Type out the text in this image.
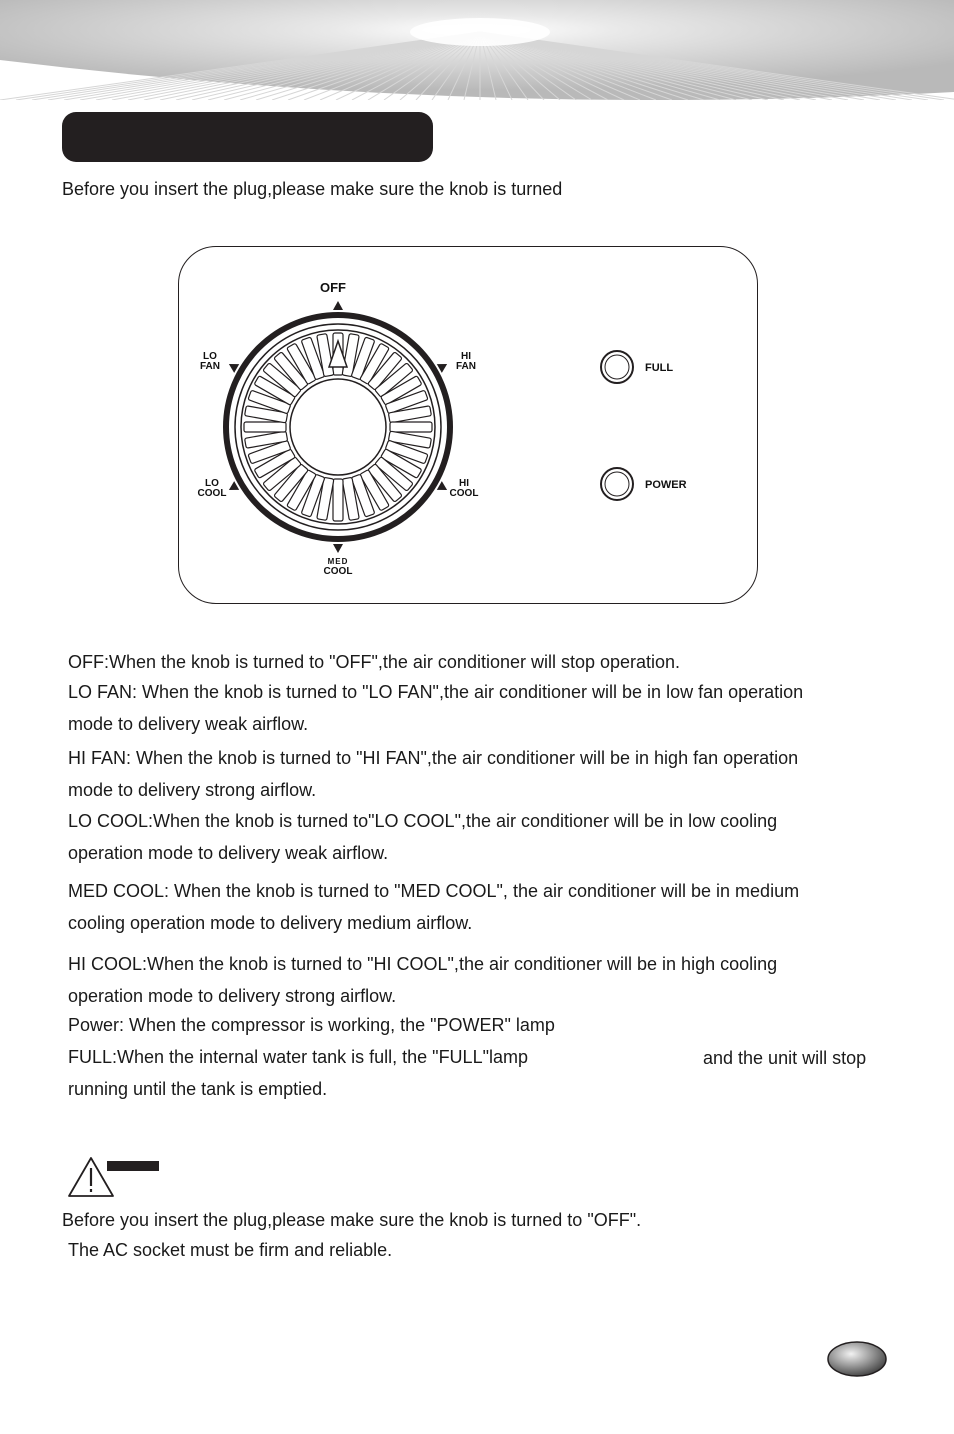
Before you insert the plug,please make sure the knob is turned
OFF
LO
FAN
HI
FAN
LO
COOL
HI
COOL
MED
COOL
FULL
POWER
OFF:When the knob is turned to "OFF",the air conditioner will stop operation.
LO FAN: When the knob is turned to "LO FAN",the air conditioner will be in low fan operation
mode to delivery weak airflow.
HI FAN: When the knob is turned to "HI FAN",the air conditioner will be in high fan operation
mode to delivery strong airflow.
LO COOL:When the knob is turned to"LO COOL",the air conditioner will be in low cooling
operation mode to delivery weak airflow.
MED COOL: When the knob is turned to "MED COOL", the air conditioner will be in medium
cooling operation mode to delivery medium airflow.
HI COOL:When the knob is turned to "HI COOL",the air conditioner will be in high cooling
operation mode to delivery strong airflow.
Power: When the compressor is working, the "POWER" lamp
FULL:When the internal water tank is full, the "FULL"lamp	and the unit will stop
running until the tank is emptied.
Before you insert the plug,please make sure the knob is turned to "OFF".
The AC socket must be firm and reliable.
